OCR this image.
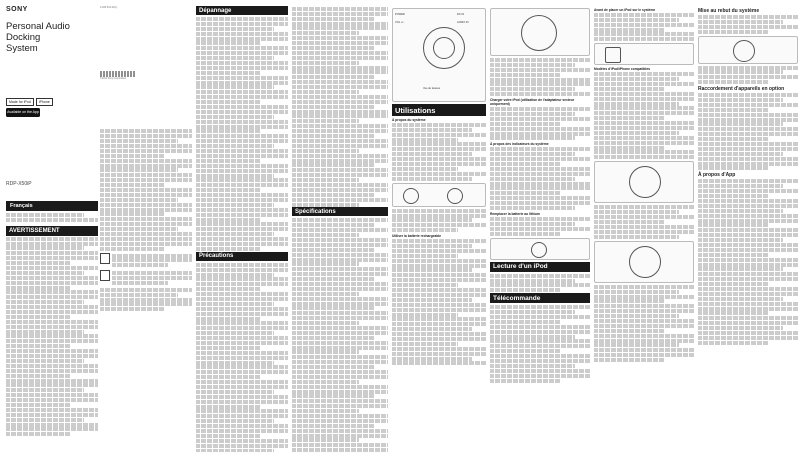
SONY
Personal Audio Docking
System
Made for iPod	iPhone
Available on the App Store
RDP-X50iP
Français
AVERTISSEMENT
4-266-534-21(1)
©2011 Sony Corporation
Dépannage
Précautions
Spécifications
POWER
VOL +/−
DC IN
AUDIO IN
Vue de dessus
Utilisations
À propos du système
Utiliser la batterie rechargeable
Charger votre iPod (utilisation de l'adaptateur secteur uniquement)
À propos des indicateurs du système
Remplacer la batterie au lithium
Lecture d'un iPod
Télécommande
Avant de placer un iPod sur le système
Modèles d'iPod/iPhone compatibles
Mise au rebut du système
Raccordement d'appareils en option
À propos d'App
